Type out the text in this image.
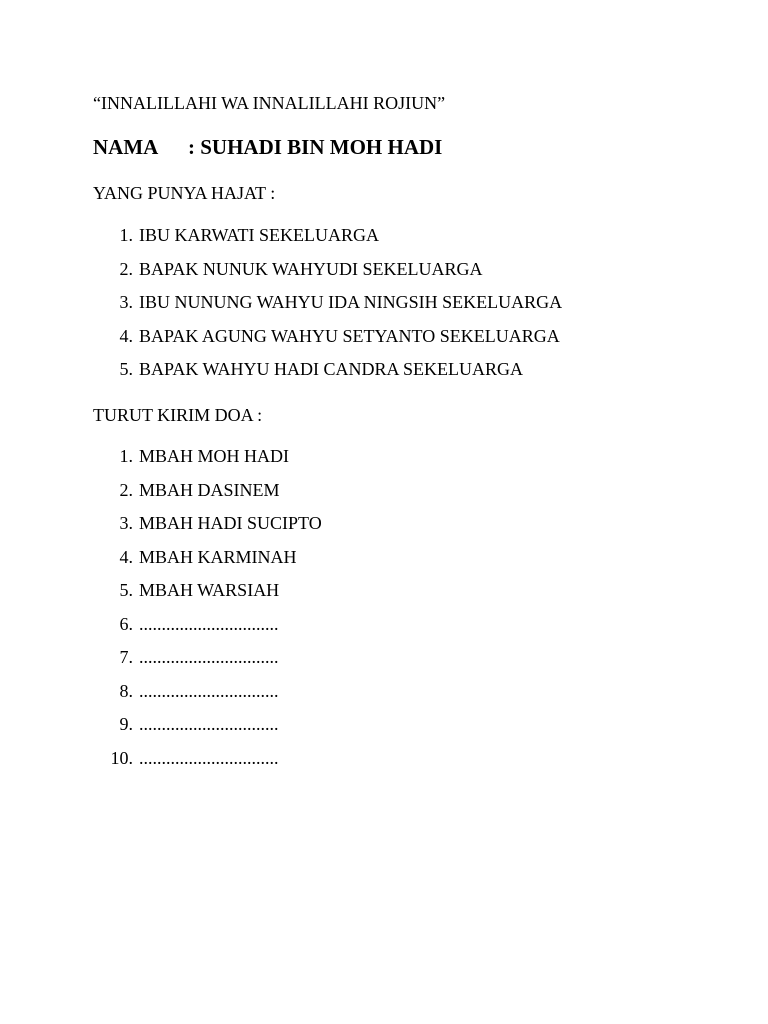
“INNALILLAHI WA INNALILLAHI ROJIUN”
NAMA : SUHADI BIN MOH HADI
YANG PUNYA HAJAT :
1. IBU KARWATI SEKELUARGA
2. BAPAK NUNUK WAHYUDI SEKELUARGA
3. IBU NUNUNG WAHYU IDA NINGSIH SEKELUARGA
4. BAPAK AGUNG WAHYU SETYANTO SEKELUARGA
5. BAPAK WAHYU HADI CANDRA SEKELUARGA
TURUT KIRIM DOA :
1. MBAH MOH HADI
2. MBAH DASINEM
3. MBAH HADI SUCIPTO
4. MBAH KARMINAH
5. MBAH WARSIAH
6. ...............................
7. ...............................
8. ...............................
9. ...............................
10. ...............................
